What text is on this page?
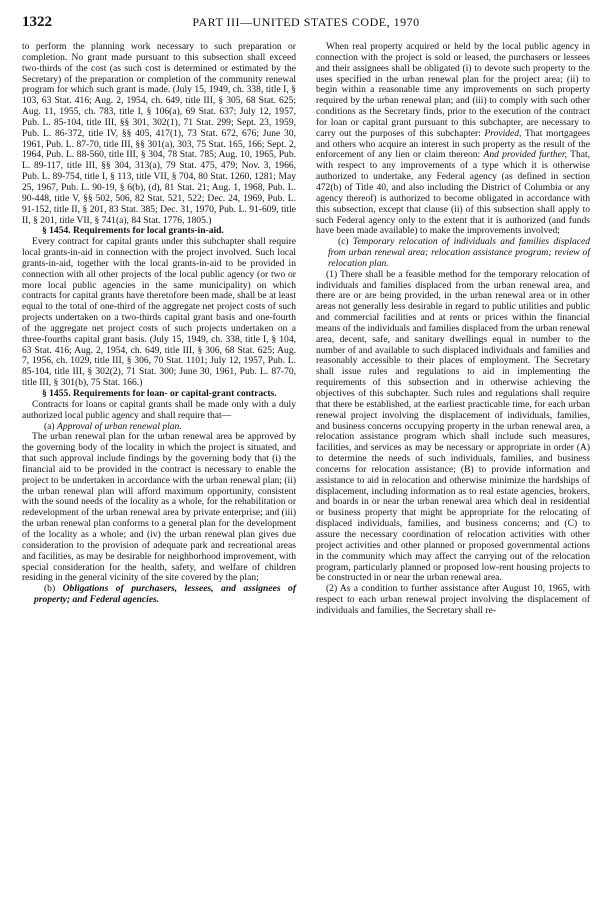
1322	PART III—UNITED STATES CODE, 1970

to perform the planning work necessary to such preparation or completion. No grant made pursuant to this subsection shall exceed two-thirds of the cost (as such cost is determined or estimated by the Secretary) of the preparation or completion of the community renewal program for which such grant is made. (July 15, 1949, ch. 338, title I, § 103, 63 Stat. 416; Aug. 2, 1954, ch. 649, title III, § 305, 68 Stat. 625; Aug. 11, 1955, ch. 783, title I, § 106(a), 69 Stat. 637; July 12, 1957, Pub. L. 85-104, title III, §§ 301, 302(1), 71 Stat. 299; Sept. 23, 1959, Pub. L. 86-372, title IV, §§ 405, 417(1), 73 Stat. 672, 676; June 30, 1961, Pub. L. 87-70, title III, §§ 301(a), 303, 75 Stat. 165, 166; Sept. 2, 1964, Pub. L. 88-560, title III, § 304, 78 Stat. 785; Aug. 10, 1965, Pub. L. 89-117, title III, §§ 304, 313(a), 79 Stat. 475, 479; Nov. 3, 1966, Pub. L. 89-754, title I, § 113, title VII, § 704, 80 Stat. 1260, 1281; May 25, 1967, Pub. L. 90-19, § 6(b), (d), 81 Stat. 21; Aug. 1, 1968, Pub. L. 90-448, title V, §§ 502, 506, 82 Stat. 521, 522; Dec. 24, 1969, Pub. L. 91-152, title II, § 201, 83 Stat. 385; Dec. 31, 1970, Pub. L. 91-609, title II, § 201, title VII, § 741(a), 84 Stat. 1776, 1805.)

§ 1454. Requirements for local grants-in-aid.

Every contract for capital grants under this subchapter shall require local grants-in-aid in connection with the project involved. Such local grants-in-aid, together with the local grants-in-aid to be provided in connection with all other projects of the local public agency (or two or more local public agencies in the same municipality) on which contracts for capital grants have theretofore been made, shall be at least equal to the total of one-third of the aggregate net project costs of such projects undertaken on a two-thirds capital grant basis and one-fourth of the aggregate net project costs of such projects undertaken on a three-fourths capital grant basis. (July 15, 1949, ch. 338, title I, § 104, 63 Stat. 416; Aug. 2, 1954, ch. 649, title III, § 306, 68 Stat. 625; Aug. 7, 1956, ch. 1029, title III, § 306, 70 Stat. 1101; July 12, 1957, Pub. L. 85-104, title III, § 302(2), 71 Stat. 300; June 30, 1961, Pub. L. 87-70, title III, § 301(b), 75 Stat. 166.)

§ 1455. Requirements for loan- or capital-grant contracts.

Contracts for loans or capital grants shall be made only with a duly authorized local public agency and shall require that—

(a) Approval of urban renewal plan.

The urban renewal plan for the urban renewal area be approved by the governing body of the locality in which the project is situated, and that such approval include findings by the governing body that (i) the financial aid to be provided in the contract is necessary to enable the project to be undertaken in accordance with the urban renewal plan; (ii) the urban renewal plan will afford maximum opportunity, consistent with the sound needs of the locality as a whole, for the rehabilitation or redevelopment of the urban renewal area by private enterprise; and (iii) the urban renewal plan conforms to a general plan for the development of the locality as a whole; and (iv) the urban renewal plan gives due consideration to the provision of adequate park and recreational areas and facilities, as may be desirable for neighborhood improvement, with special consideration for the health, safety, and welfare of children residing in the general vicinity of the site covered by the plan;

(b) Obligations of purchasers, lessees, and assignees of property; and Federal agencies.

When real property acquired or held by the local public agency in connection with the project is sold or leased, the purchasers or lessees and their assignees shall be obligated (i) to devote such property to the uses specified in the urban renewal plan for the project area; (ii) to begin within a reasonable time any improvements on such property required by the urban renewal plan; and (iii) to comply with such other conditions as the Secretary finds, prior to the execution of the contract for loan or capital grant pursuant to this subchapter, are necessary to carry out the purposes of this subchapter: Provided, That mortgagees and others who acquire an interest in such property as the result of the enforcement of any lien or claim thereon: And provided further, That, with respect to any improvements of a type which it is otherwise authorized to undertake, any Federal agency (as defined in section 472(b) of Title 40, and also including the District of Columbia or any agency thereof) is authorized to become obligated in accordance with this subsection, except that clause (ii) of this subsection shall apply to such Federal agency only to the extent that it is authorized (and funds have been made available) to make the improvements involved;

(c) Temporary relocation of individuals and families displaced from urban renewal area; relocation assistance program; review of relocation plan.

(1) There shall be a feasible method for the temporary relocation of individuals and families displaced from the urban renewal area, and there are or are being provided, in the urban renewal area or in other areas not generally less desirable in regard to public utilities and public and commercial facilities and at rents or prices within the financial means of the individuals and families displaced from the urban renewal area, decent, safe, and sanitary dwellings equal in number to the number of and available to such displaced individuals and families and reasonably accessible to their places of employment. The Secretary shall issue rules and regulations to aid in implementing the requirements of this subsection and in otherwise achieving the objectives of this subchapter. Such rules and regulations shall require that there be established, at the earliest practicable time, for each urban renewal project involving the displacement of individuals, families, and business concerns occupying property in the urban renewal area, a relocation assistance program which shall include such measures, facilities, and services as may be necessary or appropriate in order (A) to determine the needs of such individuals, families, and business concerns for relocation assistance; (B) to provide information and assistance to aid in relocation and otherwise minimize the hardships of displacement, including information as to real estate agencies, brokers, and boards in or near the urban renewal area which deal in residential or business property that might be appropriate for the relocating of displaced individuals, families, and business concerns; and (C) to assure the necessary coordination of relocation activities with other project activities and other planned or proposed governmental actions in the community which may affect the carrying out of the relocation program, particularly planned or proposed low-rent housing projects to be constructed in or near the urban renewal area.

(2) As a condition to further assistance after August 10, 1965, with respect to each urban renewal project involving the displacement of individuals and families, the Secretary shall re-
